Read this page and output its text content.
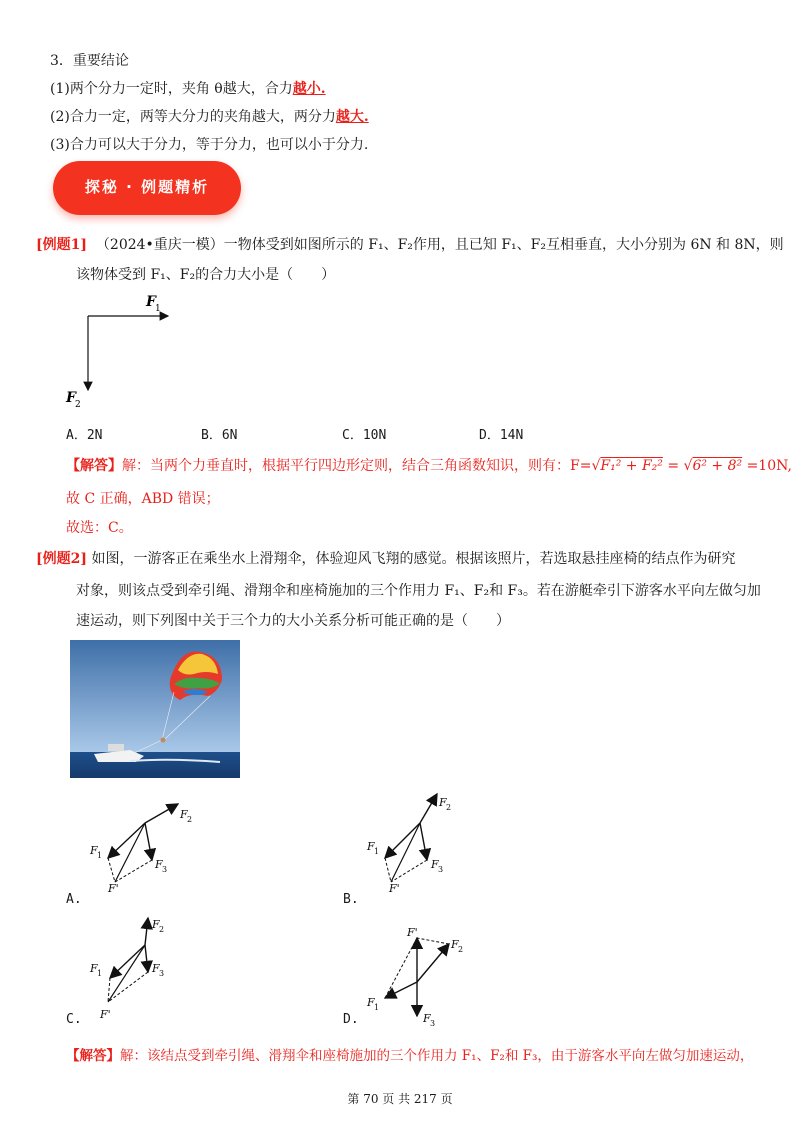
3．重要结论
(1)两个分力一定时，夹角 θ越大，合力越小.
(2)合力一定，两等大分力的夹角越大，两分力越大.
(3)合力可以大于分力，等于分力，也可以小于分力.
探秘 · 例题精析
[例题1] （2024•重庆一模）一物体受到如图所示的 F₁、F₂作用，且已知 F₁、F₂互相垂直，大小分别为 6N 和 8N，则
该物体受到 F₁、F₂的合力大小是（　　）
F 1
F 2
A．2N	B．6N	C．10N	D．14N
【解答】解：当两个力垂直时，根据平行四边形定则，结合三角函数知识，则有：F=√F₁² + F₂² = √6² + 8² =10N,
故 C 正确，ABD 错误；
故选：C。
[例题2] 如图，一游客正在乘坐水上滑翔伞，体验迎风飞翔的感觉。根据该照片，若选取悬挂座椅的结点作为研究
对象，则该点受到牵引绳、滑翔伞和座椅施加的三个作用力 F₁、F₂和 F₃。若在游艇牵引下游客水平向左做匀加
速运动，则下列图中关于三个力的大小关系分析可能正确的是（　　）
F 2
F 1
F 3
F'
F 2
F 1
F 3
F'
F 2
F 1	F 3
F'
F'
F 2
F 1
F 3
A.	B.
C.	D.
【解答】解：该结点受到牵引绳、滑翔伞和座椅施加的三个作用力 F₁、F₂和 F₃，由于游客水平向左做匀加速运动，
第 70 页 共 217 页
